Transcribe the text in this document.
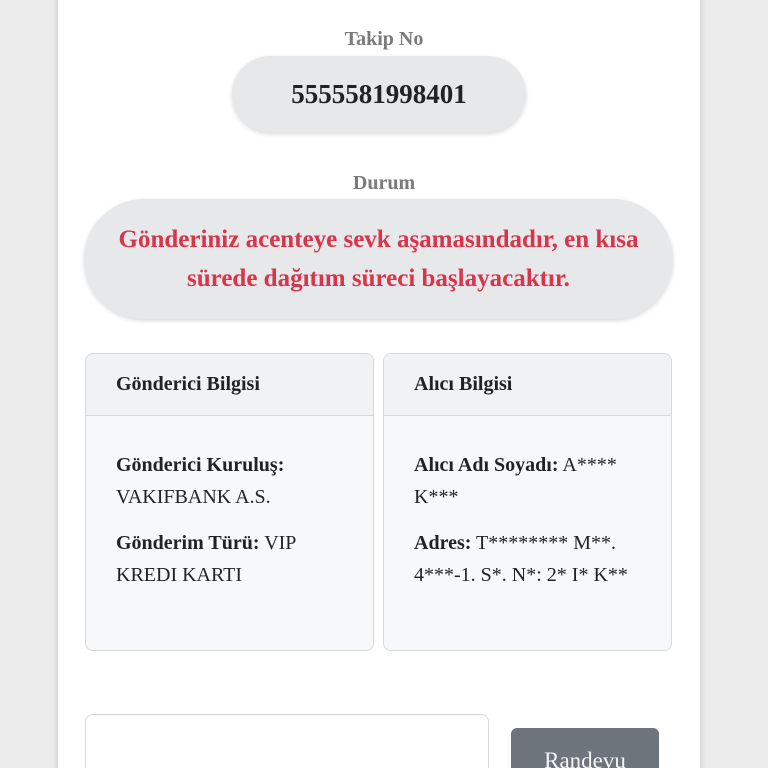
Takip No
5555581998401
Durum
Gönderiniz acenteye sevk aşamasındadır, en kısa sürede dağıtım süreci başlayacaktır.
Gönderici Bilgisi

Gönderici Kuruluş:
VAKIFBANK A.S.

Gönderim Türü: VIP KREDI KARTI

Alıcı Bilgisi

Alıcı Adı Soyadı: A**** K***

Adres: T******** M**. 4***-1. S*. N*: 2* I* K**

Randevu
